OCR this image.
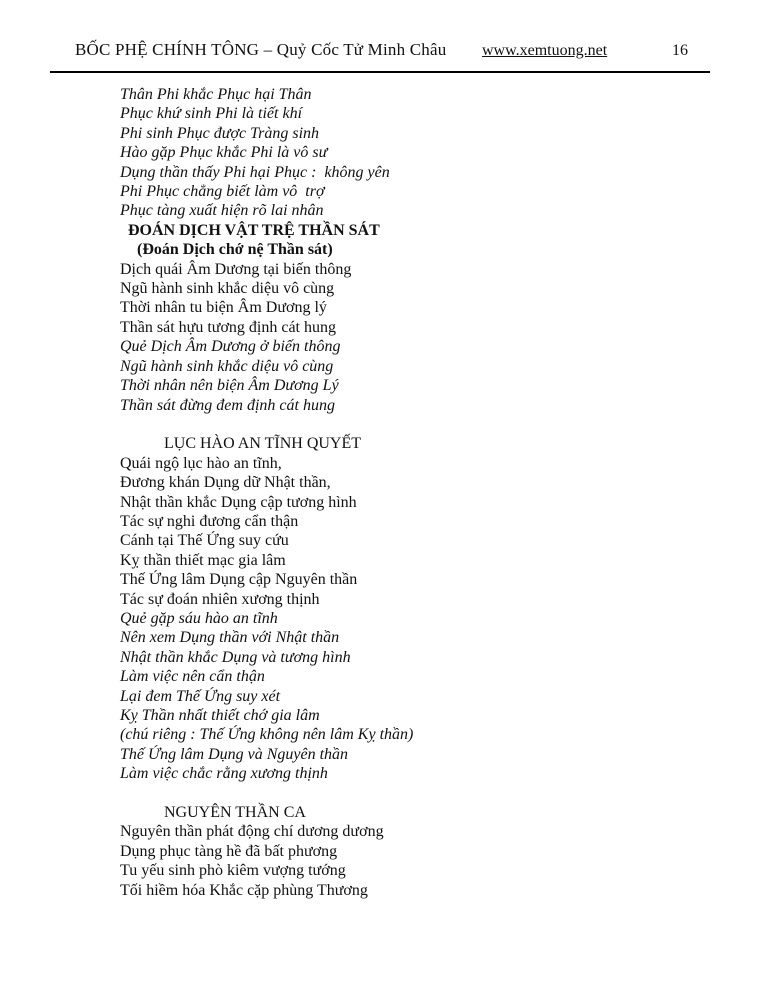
BỐC PHỆ CHÍNH TÔNG – Quỷ Cốc Tử Minh Châu www.xemtuong.net	16
Thân Phi khắc Phục hại Thân
Phục khứ sinh Phi là tiết khí
Phi sinh Phục được Tràng sinh
Hào gặp Phục khắc Phi là vô sư
Dụng thần thấy Phi hại Phục :  không yên
Phi Phục chẳng biết làm vô  trợ
Phục tàng xuất hiện rõ lai nhân
ĐOÁN DỊCH VẬT TRỆ THẦN SÁT
(Đoán Dịch chớ nệ Thần sát)
Dịch quái Âm Dương tại biến thông
Ngũ hành sinh khắc diệu vô cùng
Thời nhân tu biện Âm Dương lý
Thần sát hựu tương định cát hung
Quẻ Dịch Âm Dương ở biến thông
Ngũ hành sinh khắc diệu vô cùng
Thời nhân nên biện Âm Dương Lý
Thần sát đừng đem định cát hung
LỤC HÀO AN TĨNH QUYẾT
Quái ngộ lục hào an tĩnh,
Đương khán Dụng dữ Nhật thần,
Nhật thần khắc Dụng cập tương hình
Tác sự nghi đương cẩn thận
Cánh tại Thế Ứng suy cứu
Kỵ thần thiết mạc gia lâm
Thế Ứng lâm Dụng cập Nguyên thần
Tác sự đoán nhiên xương thịnh
Quẻ gặp sáu hào an tĩnh
Nên xem Dụng thần với Nhật thần
Nhật thần khắc Dụng và tương hình
Làm việc nên cẩn thận
Lại đem Thế Ứng suy xét
Kỵ Thần nhất thiết chớ gia lâm
(chú riêng : Thế Ứng không nên lâm Kỵ thần)
Thế Ứng lâm Dụng và Nguyên thần
Làm việc chắc rằng xương thịnh
NGUYÊN THẦN CA
Nguyên thần phát động chí dương dương
Dụng phục tàng hề đã bất phương
Tu yếu sinh phò kiêm vượng tướng
Tối hiềm hóa Khắc cặp phùng Thương
